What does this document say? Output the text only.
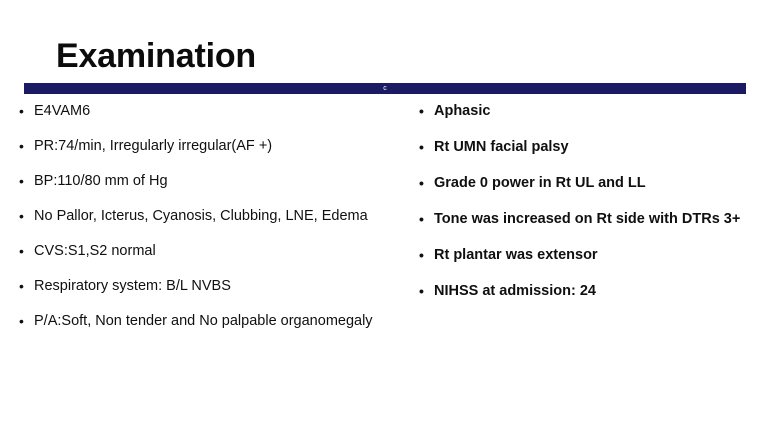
Examination
c
• E4VAM6
• PR:74/min, Irregularly irregular(AF +)
• BP:110/80 mm of Hg
• No Pallor, Icterus, Cyanosis, Clubbing, LNE, Edema
• CVS:S1,S2 normal
• Respiratory system: B/L NVBS
• P/A:Soft, Non tender and No palpable organomegaly
• Aphasic
• Rt UMN facial palsy
• Grade 0 power in Rt UL and LL
• Tone was increased on Rt side with DTRs 3+
• Rt plantar was extensor
• NIHSS at admission: 24
